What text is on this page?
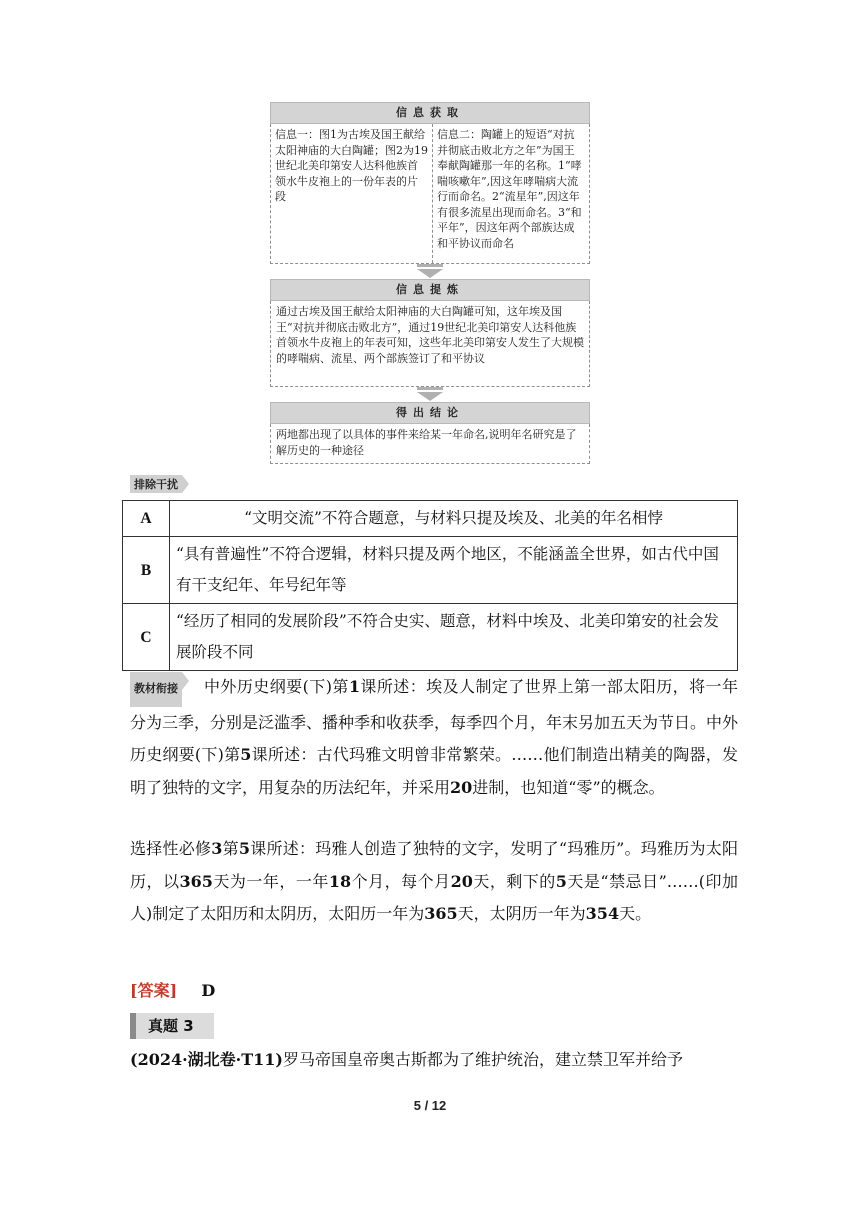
信息获取
信息一：图1为古埃及国王献给太阳神庙的大白陶罐；图2为19世纪北美印第安人达科他族首领水牛皮袍上的一份年表的片段
信息二：陶罐上的短语“对抗并彻底击败北方之年”为国王奉献陶罐那一年的名称。1“哮喘咳嗽年”,因这年哮喘病大流行而命名。2“流星年”,因这年有很多流星出现而命名。3“和平年”，因这年两个部族达成和平协议而命名
信息提炼
通过古埃及国王献给太阳神庙的大白陶罐可知，这年埃及国王“对抗并彻底击败北方”，通过19世纪北美印第安人达科他族首领水牛皮袍上的年表可知，这些年北美印第安人发生了大规模的哮喘病、流星、两个部族签订了和平协议
得出结论
两地都出现了以具体的事件来给某一年命名,说明年名研究是了解历史的一种途径
排除干扰
A	“文明交流”不符合题意，与材料只提及埃及、北美的年名相悖
B	“具有普遍性”不符合逻辑，材料只提及两个地区，不能涵盖全世界，如古代中国有干支纪年、年号纪年等
C	“经历了相同的发展阶段”不符合史实、题意，材料中埃及、北美印第安的社会发展阶段不同
教材衔接 中外历史纲要(下)第1课所述：埃及人制定了世界上第一部太阳历，将一年分为三季，分别是泛滥季、播种季和收获季，每季四个月，年末另加五天为节日。中外历史纲要(下)第5课所述：古代玛雅文明曾非常繁荣。……他们制造出精美的陶器，发明了独特的文字，用复杂的历法纪年，并采用20进制，也知道“零”的概念。
选择性必修3第5课所述：玛雅人创造了独特的文字，发明了“玛雅历”。玛雅历为太阳历，以365天为一年，一年18个月，每个月20天，剩下的5天是“禁忌日”……(印加人)制定了太阳历和太阴历，太阳历一年为365天，太阴历一年为354天。
[答案] D
真题 3
(2024·湖北卷·T11)罗马帝国皇帝奥古斯都为了维护统治，建立禁卫军并给予
5 / 12
